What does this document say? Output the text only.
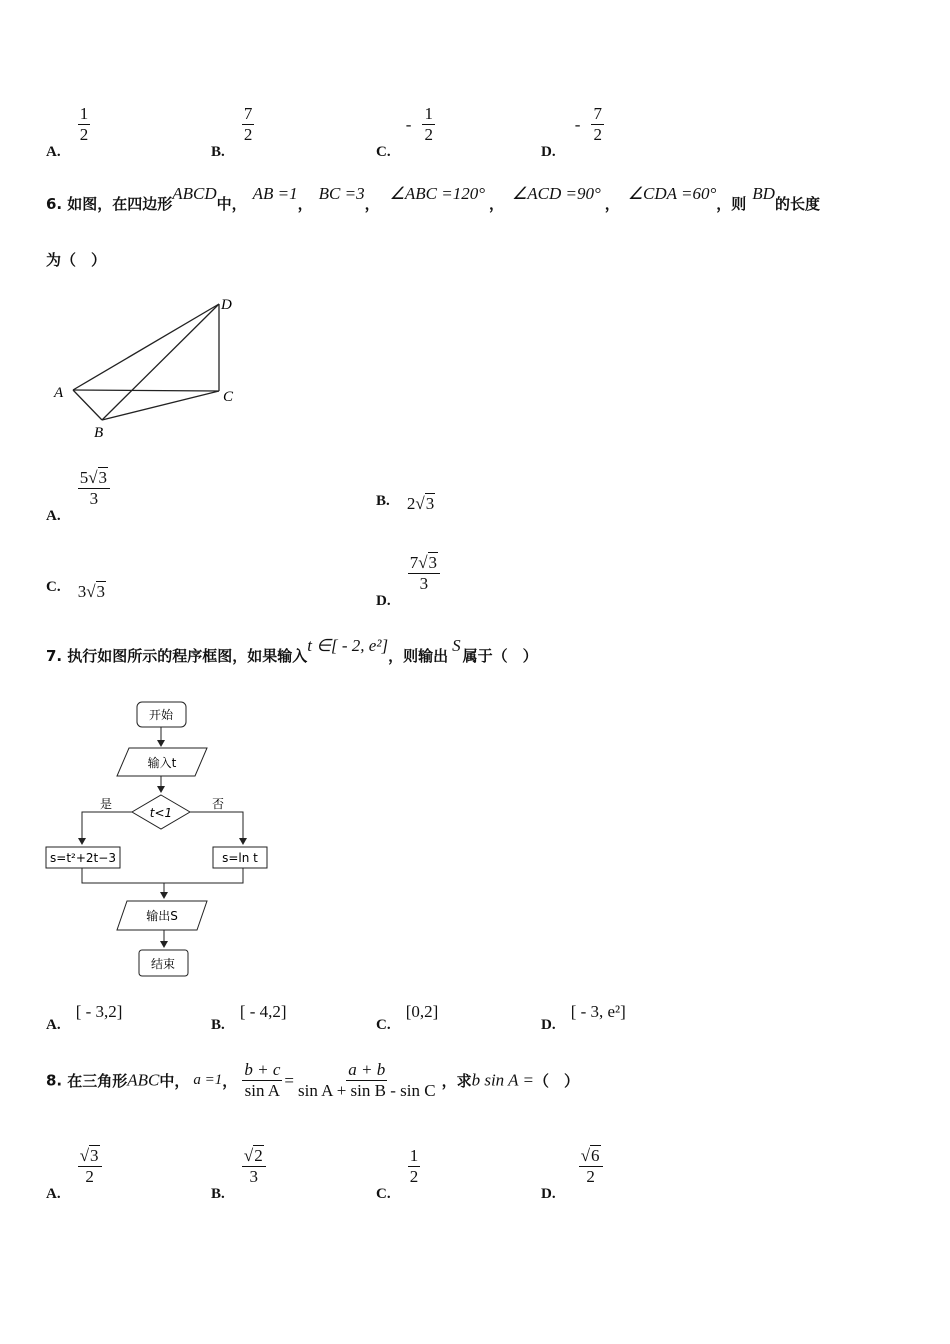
A.
$\frac{1}{2}$
B.
$\frac{7}{2}$
C. - $\frac{1}{2}$
D. - $\frac{7}{2}$
6. 如图，在四边形ABCD中，AB =1，BC =3，∠ABC =120°，∠ACD =90°，∠CDA =60°，则BD的长度
为（　）
A
B
C
D
A.
$\frac{5√3}{3}$	B. 2√3
C. 3√3	D.
$\frac{7√3}{3}$
7. 执行如图所示的程序框图，如果输入t ∈[ - 2, e²]，则输出S属于（　）
开始
输入t
t<1
是	否
s=t²+2t−3	s=ln t
输出S
结束
A. [ - 3,2]
B. [ - 4,2]
C. [0,2]
D. [ - 3, e²]
8. 在三角形ABC中， a =1， $\frac{b + c}{\text{sin A}} = \frac{a + b}{\text{sin A + sin B - sin C}}$ ，求b sin A =（　）
A.
$\frac{√3}{2}$
B.
$\frac{√2}{3}$
C.
$\frac{1}{2}$
D.
$\frac{√6}{2}$
